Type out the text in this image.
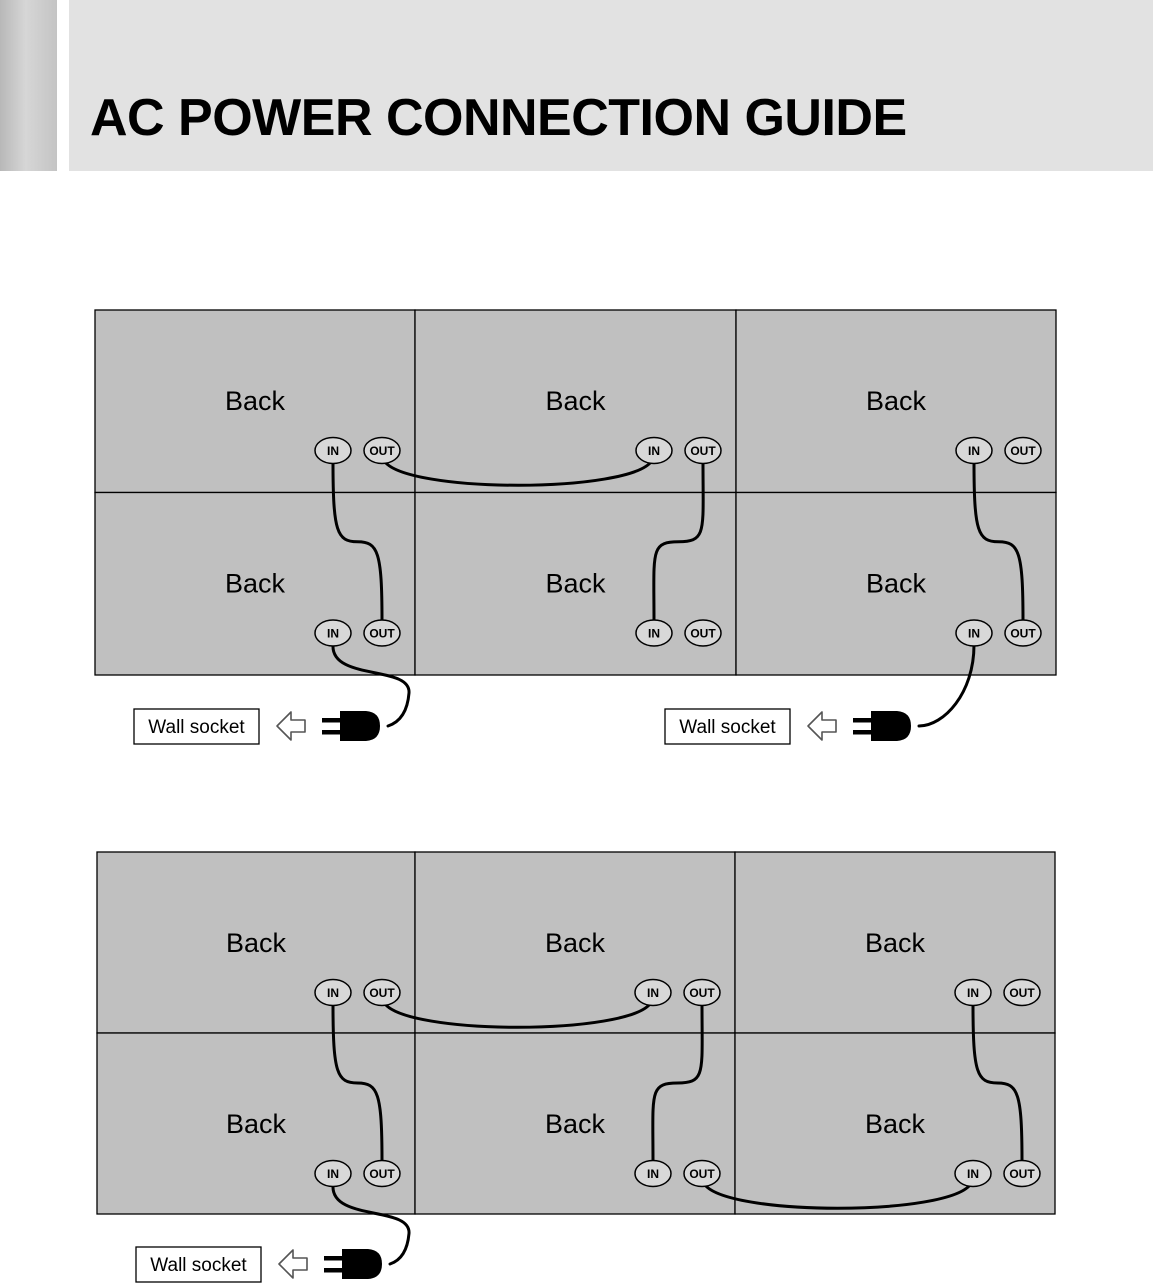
AC POWER CONNECTION GUIDE
Back	Back	Back
Back	Back	Back
IN	OUT	IN	OUT	IN	OUT
IN	OUT	IN	OUT	IN	OUT
Wall socket	Wall socket
Back	Back	Back
Back	Back	Back
IN	OUT	IN	OUT	IN	OUT
IN	OUT	IN	OUT	IN	OUT
Wall socket
